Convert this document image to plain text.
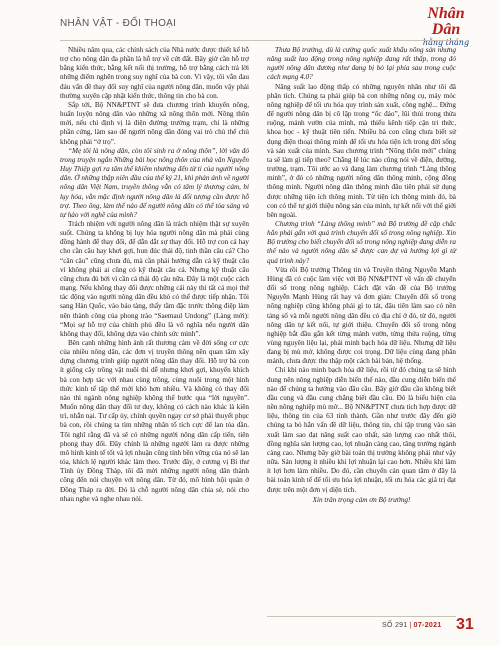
NHÂN VẬT - ĐỐI THOẠI
Nhân Dân
hằng tháng

Nhiều năm qua, các chính sách của Nhà nước được thiết kế hỗ trợ cho nông dân đa phần là hỗ trợ về cứt đất. Bây giờ cần hỗ trợ bằng kiến thức, bằng kết nối thị trường, hỗ trợ bằng cách trả lời những điểm nghẽn trong suy nghĩ của bà con. Vì vậy, tôi vẫn đau đáu vấn đề thay đổi suy nghĩ của người nông dân, muốn vậy phải thường xuyên cập nhật kiến thức, thông tin cho bà con.

Sắp tới, Bộ NN&PTNT sẽ đưa chương trình khuyến nông, huấn luyện nông dân vào những xã nông thôn mới. Nông thôn mới, nếu chỉ định vị là điện đường trường trạm, chỉ là những phần cứng, làm sao để người nông dân đóng vai trò chủ thể chủ không phải “ở trọ”.

“Mẹ tôi là nông dân, còn tôi sinh ra ở nông thôn”, lời văn đó trong truyện ngắn Những bài học nông thôn của nhà văn Nguyễn Huy Thiệp gợi ra tâm thế khiêm nhường đến từ ti của người nông dân. Ở những thập niên đầu của thế kỷ 21, khi phản ánh về người nông dân Việt Nam, truyền thông vẫn có tâm lý thương cảm, bi lụy hóa, vẫn mặc định người nông dân là đối tượng cần được hỗ trợ. Theo ông, làm thế nào để người nông dân có thể tỏa sáng và tự hào với nghề của mình?

Trách nhiệm với người nông dân là trách nhiệm thật sự xuyên suốt. Chúng ta không bị lụy hóa người nông dân mà phải cùng đồng hành để thay đổi, để dẫn dắt sự thay đổi. Hỗ trợ con cá hay cho cần câu hay khơi gợi, hun đúc thái độ, tinh thần câu cá? Cho “cần câu” cũng chưa đủ, mà cần phải hướng dẫn cả kỹ thuật câu vì không phải ai cũng có kỹ thuật câu cá. Nhưng kỹ thuật câu cũng chưa đủ bởi vì cần cả thái độ câu nữa. Đây là một cuộc cách mạng. Nếu không thay đổi được những cái này thì tất cả mọi thứ tác động vào người nông dân đều khó có thể được tiếp nhận. Tôi sang Hàn Quốc, vào bảo tàng, thấy tầm đặc trước thông điệp làm nên thành công của phong trào “Saemaul Undong” (Làng mới): “Mọi sự hỗ trợ của chính phủ đều là vô nghĩa nếu người dân không thay đổi, không dựa vào chính sức mình”.

Bên cạnh những hình ảnh rất thương cảm về đời sống cơ cực của nhiều nông dân, các đơn vị truyền thông nên quan tâm xây dựng chương trình giúp người nông dân thay đổi. Hỗ trợ bà con ít giống cây trồng vật nuôi thì dễ nhưng khơi gợi, khuyến khích bà con hợp tác với nhau cùng trồng, cùng nuôi trong một hình thức kinh tế tập thể mới khó hơn nhiều. Và không có thay đổi nào thì ngành nông nghiệp không thể bước qua “lời nguyền”. Muốn nông dân thay đổi tư duy, không có cách nào khác là kiên trì, nhẫn nại. Tư cấp ủy, chính quyền ngay cơ sở phải thuyết phục bà con, rồi chúng ta tìm những nhân tố tích cực để lan tỏa dần. Tôi nghĩ rằng đã và sẽ có những người nông dân cấp tiến, tiên phong thay đổi. Đây chính là những người làm ra được những mô hình kinh tế tốt và lợi nhuận cũng tính bền vững của nó sẽ lan tỏa, khích lệ người khác làm theo. Trước đây, ở cương vị Bí thư Tỉnh ủy Đồng Tháp, tôi đã mời những người nông dân thành công đến nói chuyện với nông dân. Từ đó, mô hình hội quán ở Đồng Tháp ra đời. Đó là chỗ người nông dân chia sẻ, nói cho nhau nghe và nghe nhau nói.

Thưa Bộ trưởng, dù là cường quốc xuất khẩu nông sản nhưng năng suất lao động trong nông nghiệp đang rất thấp, trong đó người nông dân đương như đang bị bỏ lại phía sau trong cuộc cách mạng 4.0?

Năng suất lao động thấp có những nguyên nhân như tôi đã phân tích. Chúng ta phải giúp bà con những nông cụ, máy móc nông nghiệp để tối ưu hóa quy trình sản xuất, công nghệ... Đứng để người nông dân bị cô lập trong “ốc đảo”, lũi thủi trong thửa ruộng, mảnh vườn của mình, mà thiếu kênh tiếp cận tri thức, khoa học - kỹ thuật tiên tiến. Nhiều bà con cũng chưa biết sử dụng điện thoại thông minh để tối ưu hóa tiện ích trong đời sống và sản xuất của mình. Sau chương trình “Nông thôn mới” chúng ta sẽ làm gì tiếp theo? Chẳng lẽ lúc nào cũng nói về điện, đường, trường, trạm. Tôi ước ao và đang làm chương trình “Làng thông minh”, ở đó có những người nông dân thông minh, cộng đồng thông minh. Người nông dân thông minh đâu tiên phải sử dụng được những tiện ích thông minh. Từ tiện ích thông minh đó, bà con có thể tự giới thiệu nông sản của mình, tự kết nối với thế giới bên ngoài.

Chương trình “Làng thông minh” mà Bộ trưởng đề cập chắc hẳn phải gắn với quá trình chuyển đổi số trong nông nghiệp. Xin Bộ trưởng cho biết chuyển đổi số trong nông nghiệp đang diễn ra thế nào và người nông dân sẽ được can dự và hưởng lợi gì từ quá trình này?

Vừa rồi Bộ trưởng Thông tin và Truyền thông Nguyễn Mạnh Hùng đã có cuộc làm việc với Bộ NN&PTNT về vấn đề chuyển đổi số trong nông nghiệp. Cách đặt vấn đề của Bộ trưởng Nguyễn Mạnh Hùng rất hay và đơn giản: Chuyển đổi số trong nông nghiệp cũng không phải gì to tát, đâu tiên làm sao có nền tảng số và mỗi người nông dân đều có địa chỉ ở đó, từ đó, người nông dân tự kết nối, tự giới thiệu. Chuyển đổi số trong nông nghiệp bắt đầu gắn kết từng mảnh vườn, từng thửa ruộng, từng vùng nguyên liệu lại, phải minh bạch hóa dữ liệu. Nhưng dữ liệu đang bị mù mờ, không được coi trọng. Dữ liệu cùng đang phân mảnh, chưa được thu thập một cách bài bản, hệ thống.

Chỉ khi nào minh bạch hóa dữ liệu, rồi từ đó chúng ta sẽ hình dung nên nông nghiệp diễn biến thế nào, đầu cung diễn biến thế nào để chúng ta hướng vào đầu cầu. Bây giờ đầu cầu không biết đầu cung và đầu cung chẳng biết đầu cầu. Đó là biểu hiện của nền nông nghiệp mù mờ... Bộ NN&PTNT chưa tích hợp được dữ liệu, thông tin của 63 tỉnh thành. Gần như trước đây đến giờ chúng ta bỏ hẳn vấn đề dữ liệu, thông tin, chỉ tập trung vào sản xuất làm sao đạt năng suất cao nhất, sản lượng cao nhất thôi, đồng nghĩa sản lượng cao, lợi nhuận càng cao, tăng trưởng ngành càng cao. Nhưng bây giờ bài toán thị trường không phải như vậy nữa. Sản lượng ít nhiều khi lợi nhuận lại cao hơn. Nhiều khi làm ít lợi hơn làm nhiều. Do đó, cần chuyển cán quan tâm ở đây là bài toán kinh tế để tối ưu hóa lợi nhuận, tối ưu hóa các giá trị đạt được trên một đơn vị diện tích.

Xin trân trọng cảm ơn Bộ trưởng!

SỐ 291 | 07-2021 31
